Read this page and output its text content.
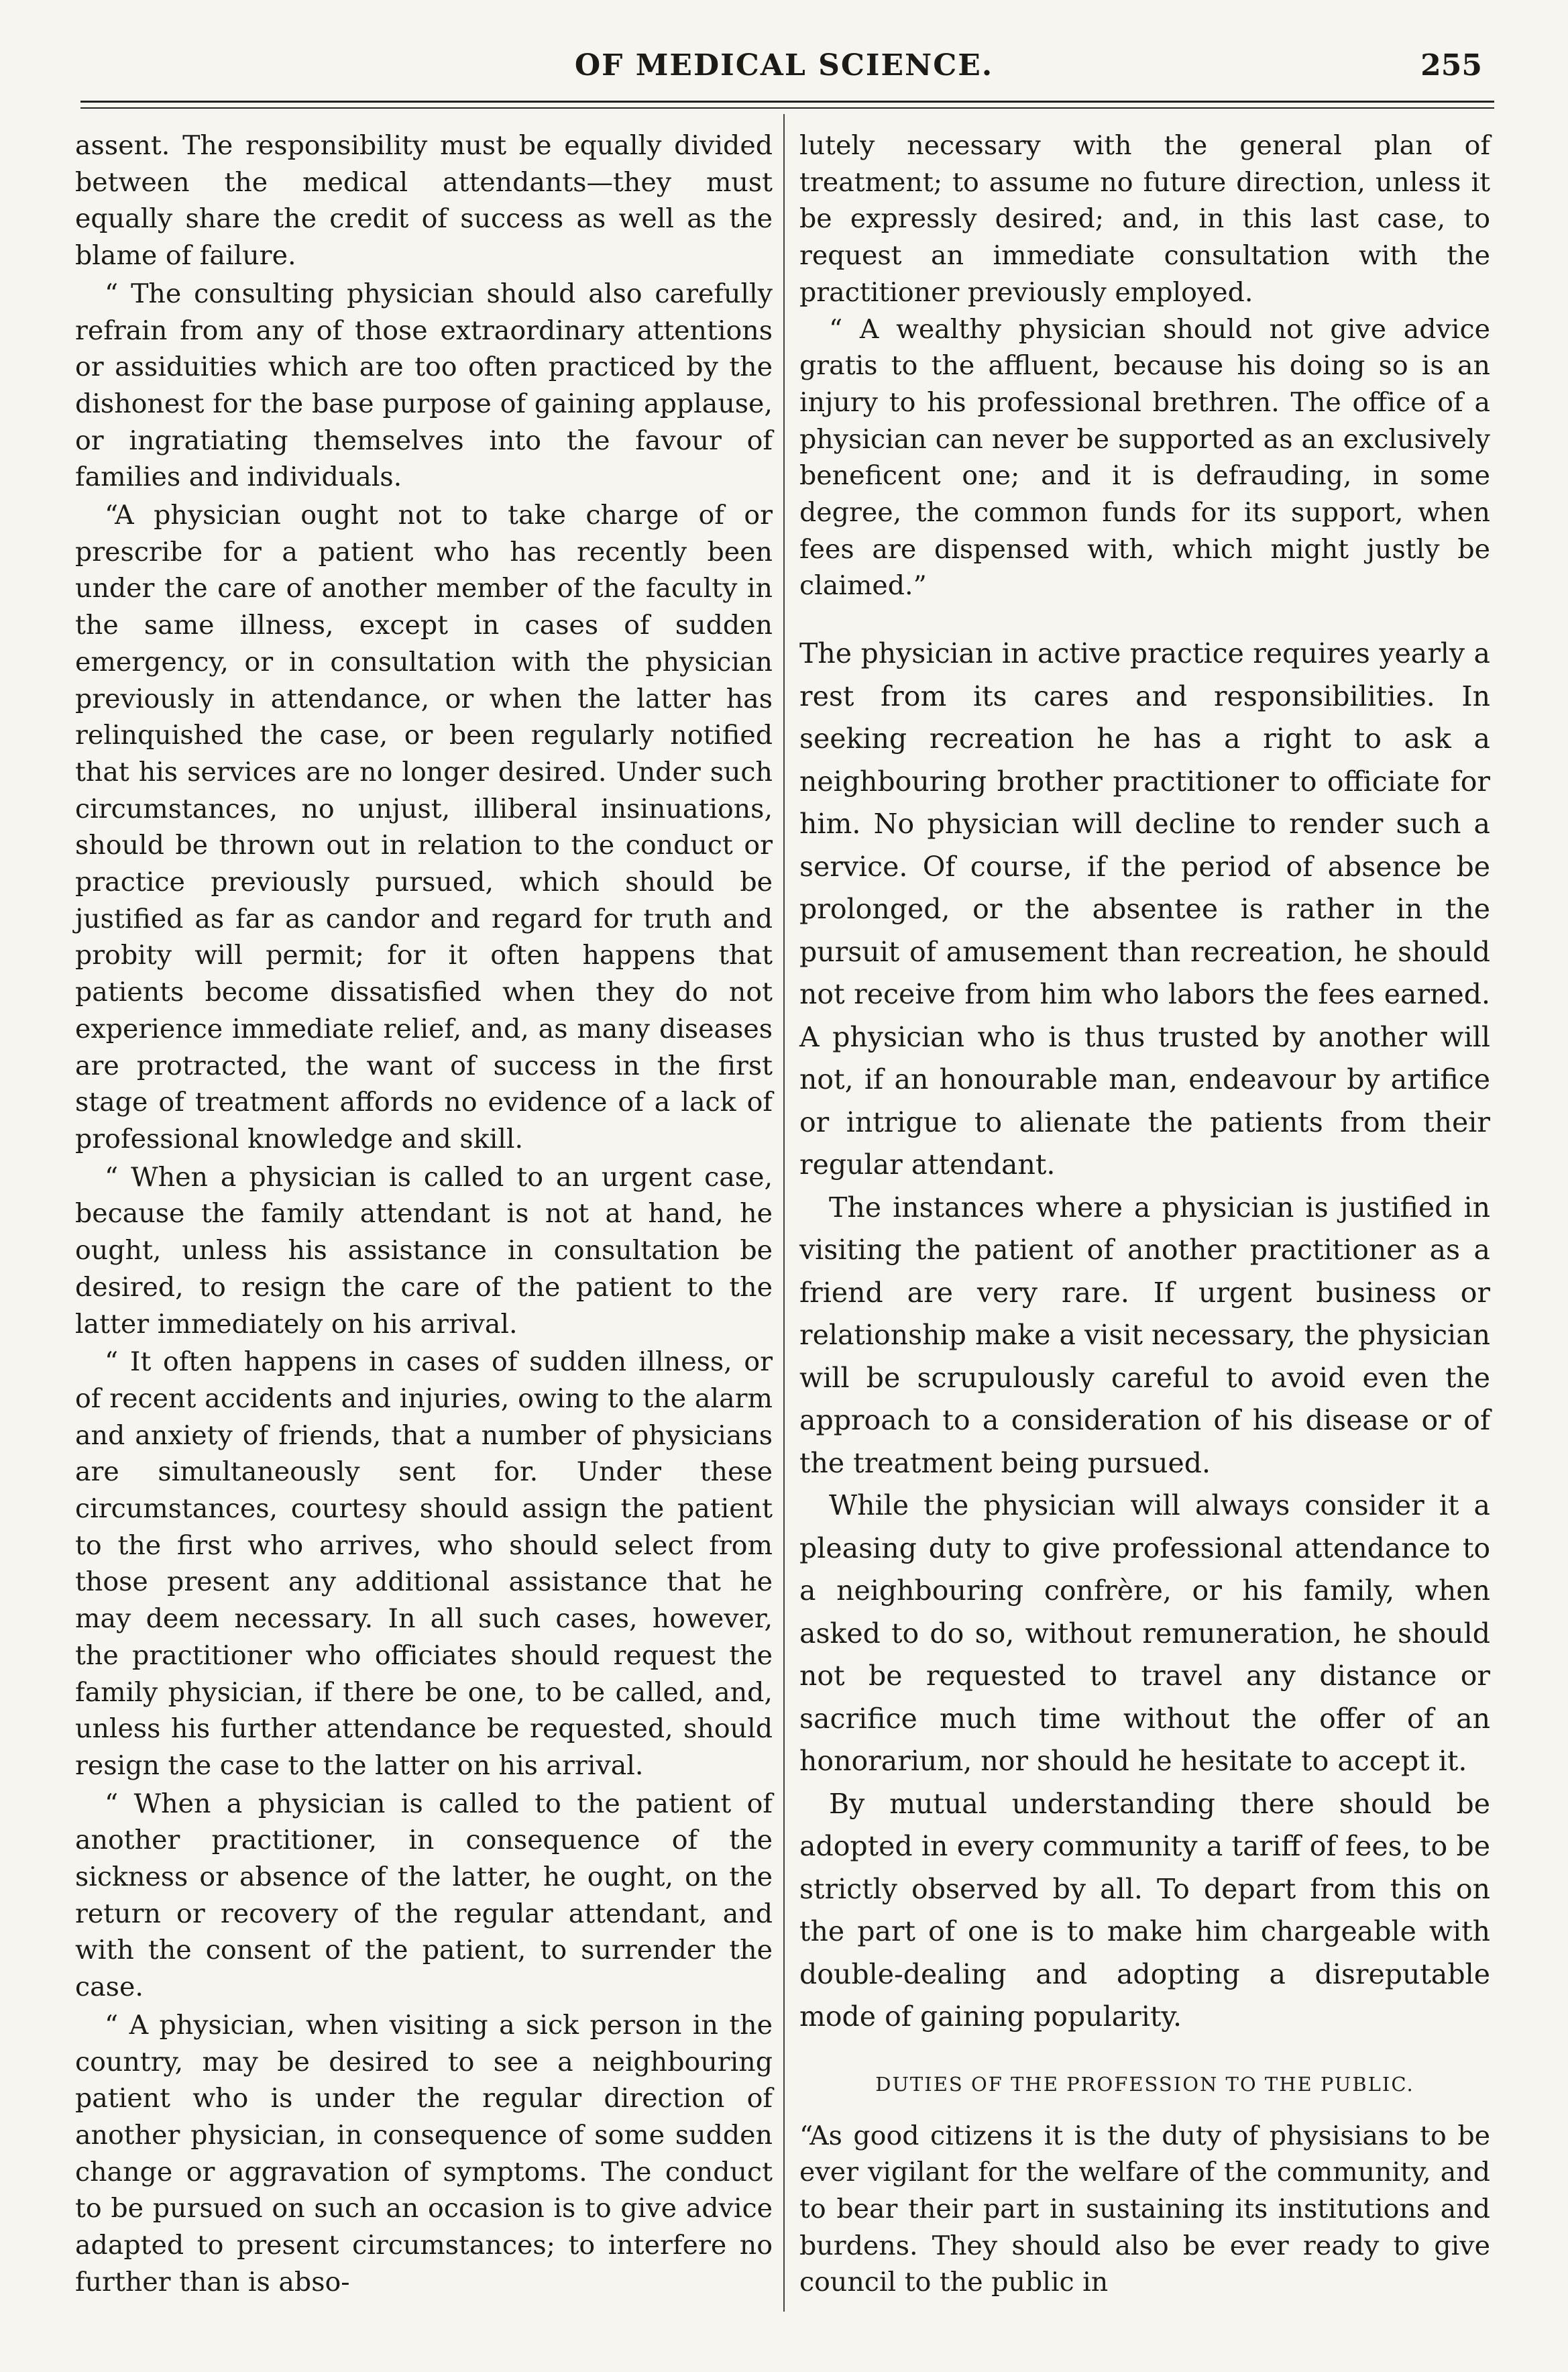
OF MEDICAL SCIENCE.	255

assent. The responsibility must be equally divided between the medical attendants—they must equally share the credit of success as well as the blame of failure.

“ The consulting physician should also carefully refrain from any of those extraordinary attentions or assiduities which are too often practiced by the dishonest for the base purpose of gaining applause, or ingratiating themselves into the favour of families and individuals.

“A physician ought not to take charge of or prescribe for a patient who has recently been under the care of another member of the faculty in the same illness, except in cases of sudden emergency, or in consultation with the physician previously in attendance, or when the latter has relinquished the case, or been regularly notified that his services are no longer desired. Under such circumstances, no unjust, illiberal insinuations, should be thrown out in relation to the conduct or practice previously pursued, which should be justified as far as candor and regard for truth and probity will permit; for it often happens that patients become dissatisfied when they do not experience immediate relief, and, as many diseases are protracted, the want of success in the first stage of treatment affords no evidence of a lack of professional knowledge and skill.

“ When a physician is called to an urgent case, because the family attendant is not at hand, he ought, unless his assistance in consultation be desired, to resign the care of the patient to the latter immediately on his arrival.

“ It often happens in cases of sudden illness, or of recent accidents and injuries, owing to the alarm and anxiety of friends, that a number of physicians are simultaneously sent for. Under these circumstances, courtesy should assign the patient to the first who arrives, who should select from those present any additional assistance that he may deem necessary. In all such cases, however, the practitioner who officiates should request the family physician, if there be one, to be called, and, unless his further attendance be requested, should resign the case to the latter on his arrival.

“ When a physician is called to the patient of another practitioner, in consequence of the sickness or absence of the latter, he ought, on the return or recovery of the regular attendant, and with the consent of the patient, to surrender the case.

“ A physician, when visiting a sick person in the country, may be desired to see a neighbouring patient who is under the regular direction of another physician, in consequence of some sudden change or aggravation of symptoms. The conduct to be pursued on such an occasion is to give advice adapted to present circumstances; to interfere no further than is abso-

lutely necessary with the general plan of treatment; to assume no future direction, unless it be expressly desired; and, in this last case, to request an immediate consultation with the practitioner previously employed.

“ A wealthy physician should not give advice gratis to the affluent, because his doing so is an injury to his professional brethren. The office of a physician can never be supported as an exclusively beneficent one; and it is defrauding, in some degree, the common funds for its support, when fees are dispensed with, which might justly be claimed.”

The physician in active practice requires yearly a rest from its cares and responsibilities. In seeking recreation he has a right to ask a neighbouring brother practitioner to officiate for him. No physician will decline to render such a service. Of course, if the period of absence be prolonged, or the absentee is rather in the pursuit of amusement than recreation, he should not receive from him who labors the fees earned. A physician who is thus trusted by another will not, if an honourable man, endeavour by artifice or intrigue to alienate the patients from their regular attendant.

The instances where a physician is justified in visiting the patient of another practitioner as a friend are very rare. If urgent business or relationship make a visit necessary, the physician will be scrupulously careful to avoid even the approach to a consideration of his disease or of the treatment being pursued.

While the physician will always consider it a pleasing duty to give professional attendance to a neighbouring confrère, or his family, when asked to do so, without remuneration, he should not be requested to travel any distance or sacrifice much time without the offer of an honorarium, nor should he hesitate to accept it.

By mutual understanding there should be adopted in every community a tariff of fees, to be strictly observed by all. To depart from this on the part of one is to make him chargeable with double-dealing and adopting a disreputable mode of gaining popularity.

DUTIES OF THE PROFESSION TO THE PUBLIC.

“As good citizens it is the duty of physisians to be ever vigilant for the welfare of the community, and to bear their part in sustaining its institutions and burdens. They should also be ever ready to give council to the public in
